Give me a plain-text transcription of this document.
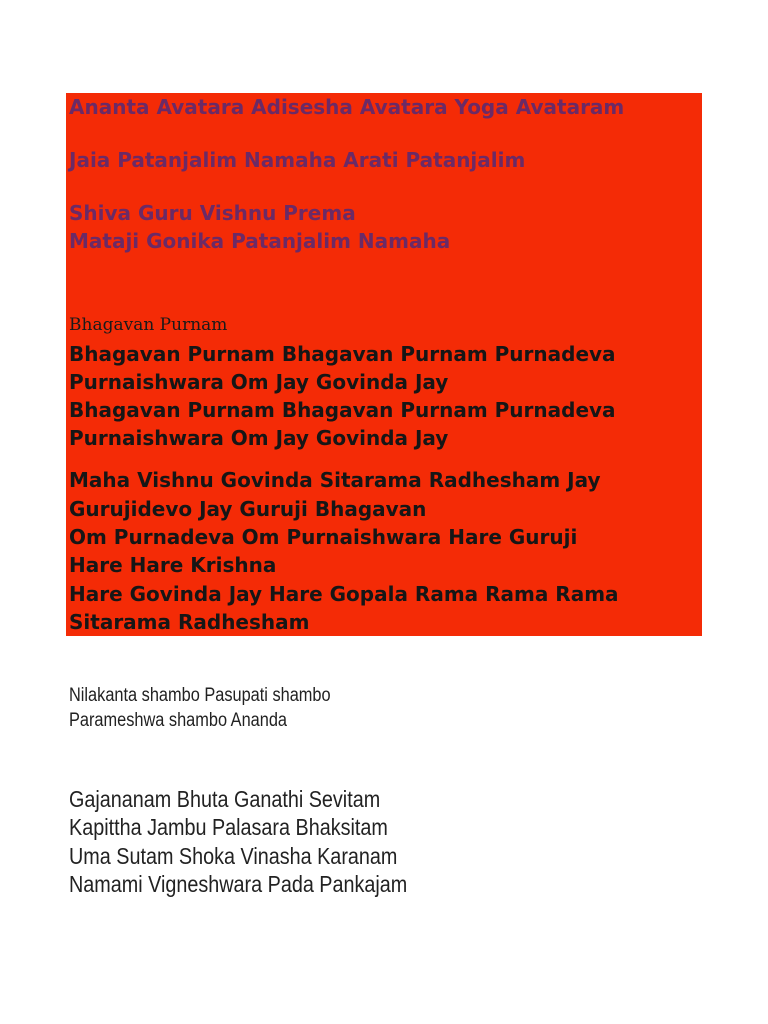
Ananta Avatara Adisesha Avatara Yoga Avataram
Jaia Patanjalim Namaha Arati Patanjalim
Shiva Guru Vishnu Prema
Mataji Gonika Patanjalim Namaha
Bhagavan Purnam
Bhagavan Purnam Bhagavan Purnam Purnadeva
Purnaishwara Om Jay Govinda Jay
Bhagavan Purnam Bhagavan Purnam Purnadeva
Purnaishwara Om Jay Govinda Jay
Maha Vishnu Govinda Sitarama Radhesham Jay
Gurujidevo Jay Guruji Bhagavan
Om Purnadeva Om Purnaishwara Hare Guruji
Hare Hare Krishna
Hare Govinda Jay Hare Gopala Rama Rama Rama
Sitarama Radhesham
Nilakanta shambo Pasupati shambo
Parameshwa shambo Ananda
Gajananam Bhuta Ganathi Sevitam
Kapittha Jambu Palasara Bhaksitam
Uma Sutam Shoka Vinasha Karanam
Namami Vigneshwara Pada Pankajam
